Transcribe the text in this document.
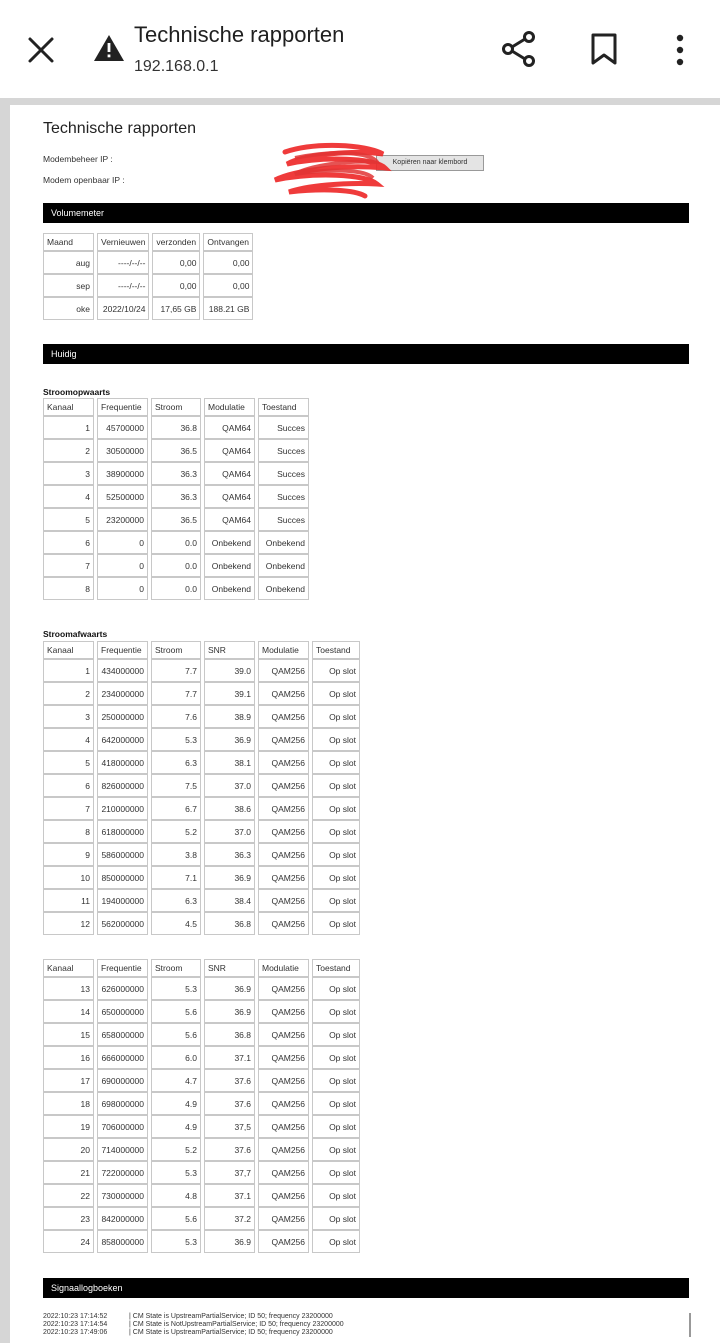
Technische rapporten
192.168.0.1
Technische rapporten
Modembeheer IP :
Modem openbaar IP :
Kopiëren naar klembord
Volumemeter
Maand	Vernieuwen	verzonden	Ontvangen
aug	----/--/--	0,00	0,00
sep	----/--/--	0,00	0,00
oke	2022/10/24	17,65 GB	188.21 GB
Huidig
Stroomopwaarts
Kanaal	Frequentie	Stroom	Modulatie	Toestand
1	45700000	36.8	QAM64	Succes
2	30500000	36.5	QAM64	Succes
3	38900000	36.3	QAM64	Succes
4	52500000	36.3	QAM64	Succes
5	23200000	36.5	QAM64	Succes
6	0	0.0	Onbekend	Onbekend
7	0	0.0	Onbekend	Onbekend
8	0	0.0	Onbekend	Onbekend
Stroomafwaarts
Kanaal	Frequentie	Stroom	SNR	Modulatie	Toestand
1	434000000	7.7	39.0	QAM256	Op slot
2	234000000	7.7	39.1	QAM256	Op slot
3	250000000	7.6	38.9	QAM256	Op slot
4	642000000	5.3	36.9	QAM256	Op slot
5	418000000	6.3	38.1	QAM256	Op slot
6	826000000	7.5	37.0	QAM256	Op slot
7	210000000	6.7	38.6	QAM256	Op slot
8	618000000	5.2	37.0	QAM256	Op slot
9	586000000	3.8	36.3	QAM256	Op slot
10	850000000	7.1	36.9	QAM256	Op slot
11	194000000	6.3	38.4	QAM256	Op slot
12	562000000	4.5	36.8	QAM256	Op slot
Kanaal	Frequentie	Stroom	SNR	Modulatie	Toestand
13	626000000	5.3	36.9	QAM256	Op slot
14	650000000	5.6	36.9	QAM256	Op slot
15	658000000	5.6	36.8	QAM256	Op slot
16	666000000	6.0	37.1	QAM256	Op slot
17	690000000	4.7	37.6	QAM256	Op slot
18	698000000	4.9	37.6	QAM256	Op slot
19	706000000	4.9	37,5	QAM256	Op slot
20	714000000	5.2	37.6	QAM256	Op slot
21	722000000	5.3	37,7	QAM256	Op slot
22	730000000	4.8	37.1	QAM256	Op slot
23	842000000	5.6	37.2	QAM256	Op slot
24	858000000	5.3	36.9	QAM256	Op slot
Signaallogboeken
2022:10:23 17:14:52	| CM State is UpstreamPartialService; ID 50; frequency 23200000
2022:10:23 17:14:54	| CM State is NotUpstreamPartialService; ID 50; frequency 23200000
2022:10:23 17:49:06	| CM State is UpstreamPartialService; ID 50; frequency 23200000
